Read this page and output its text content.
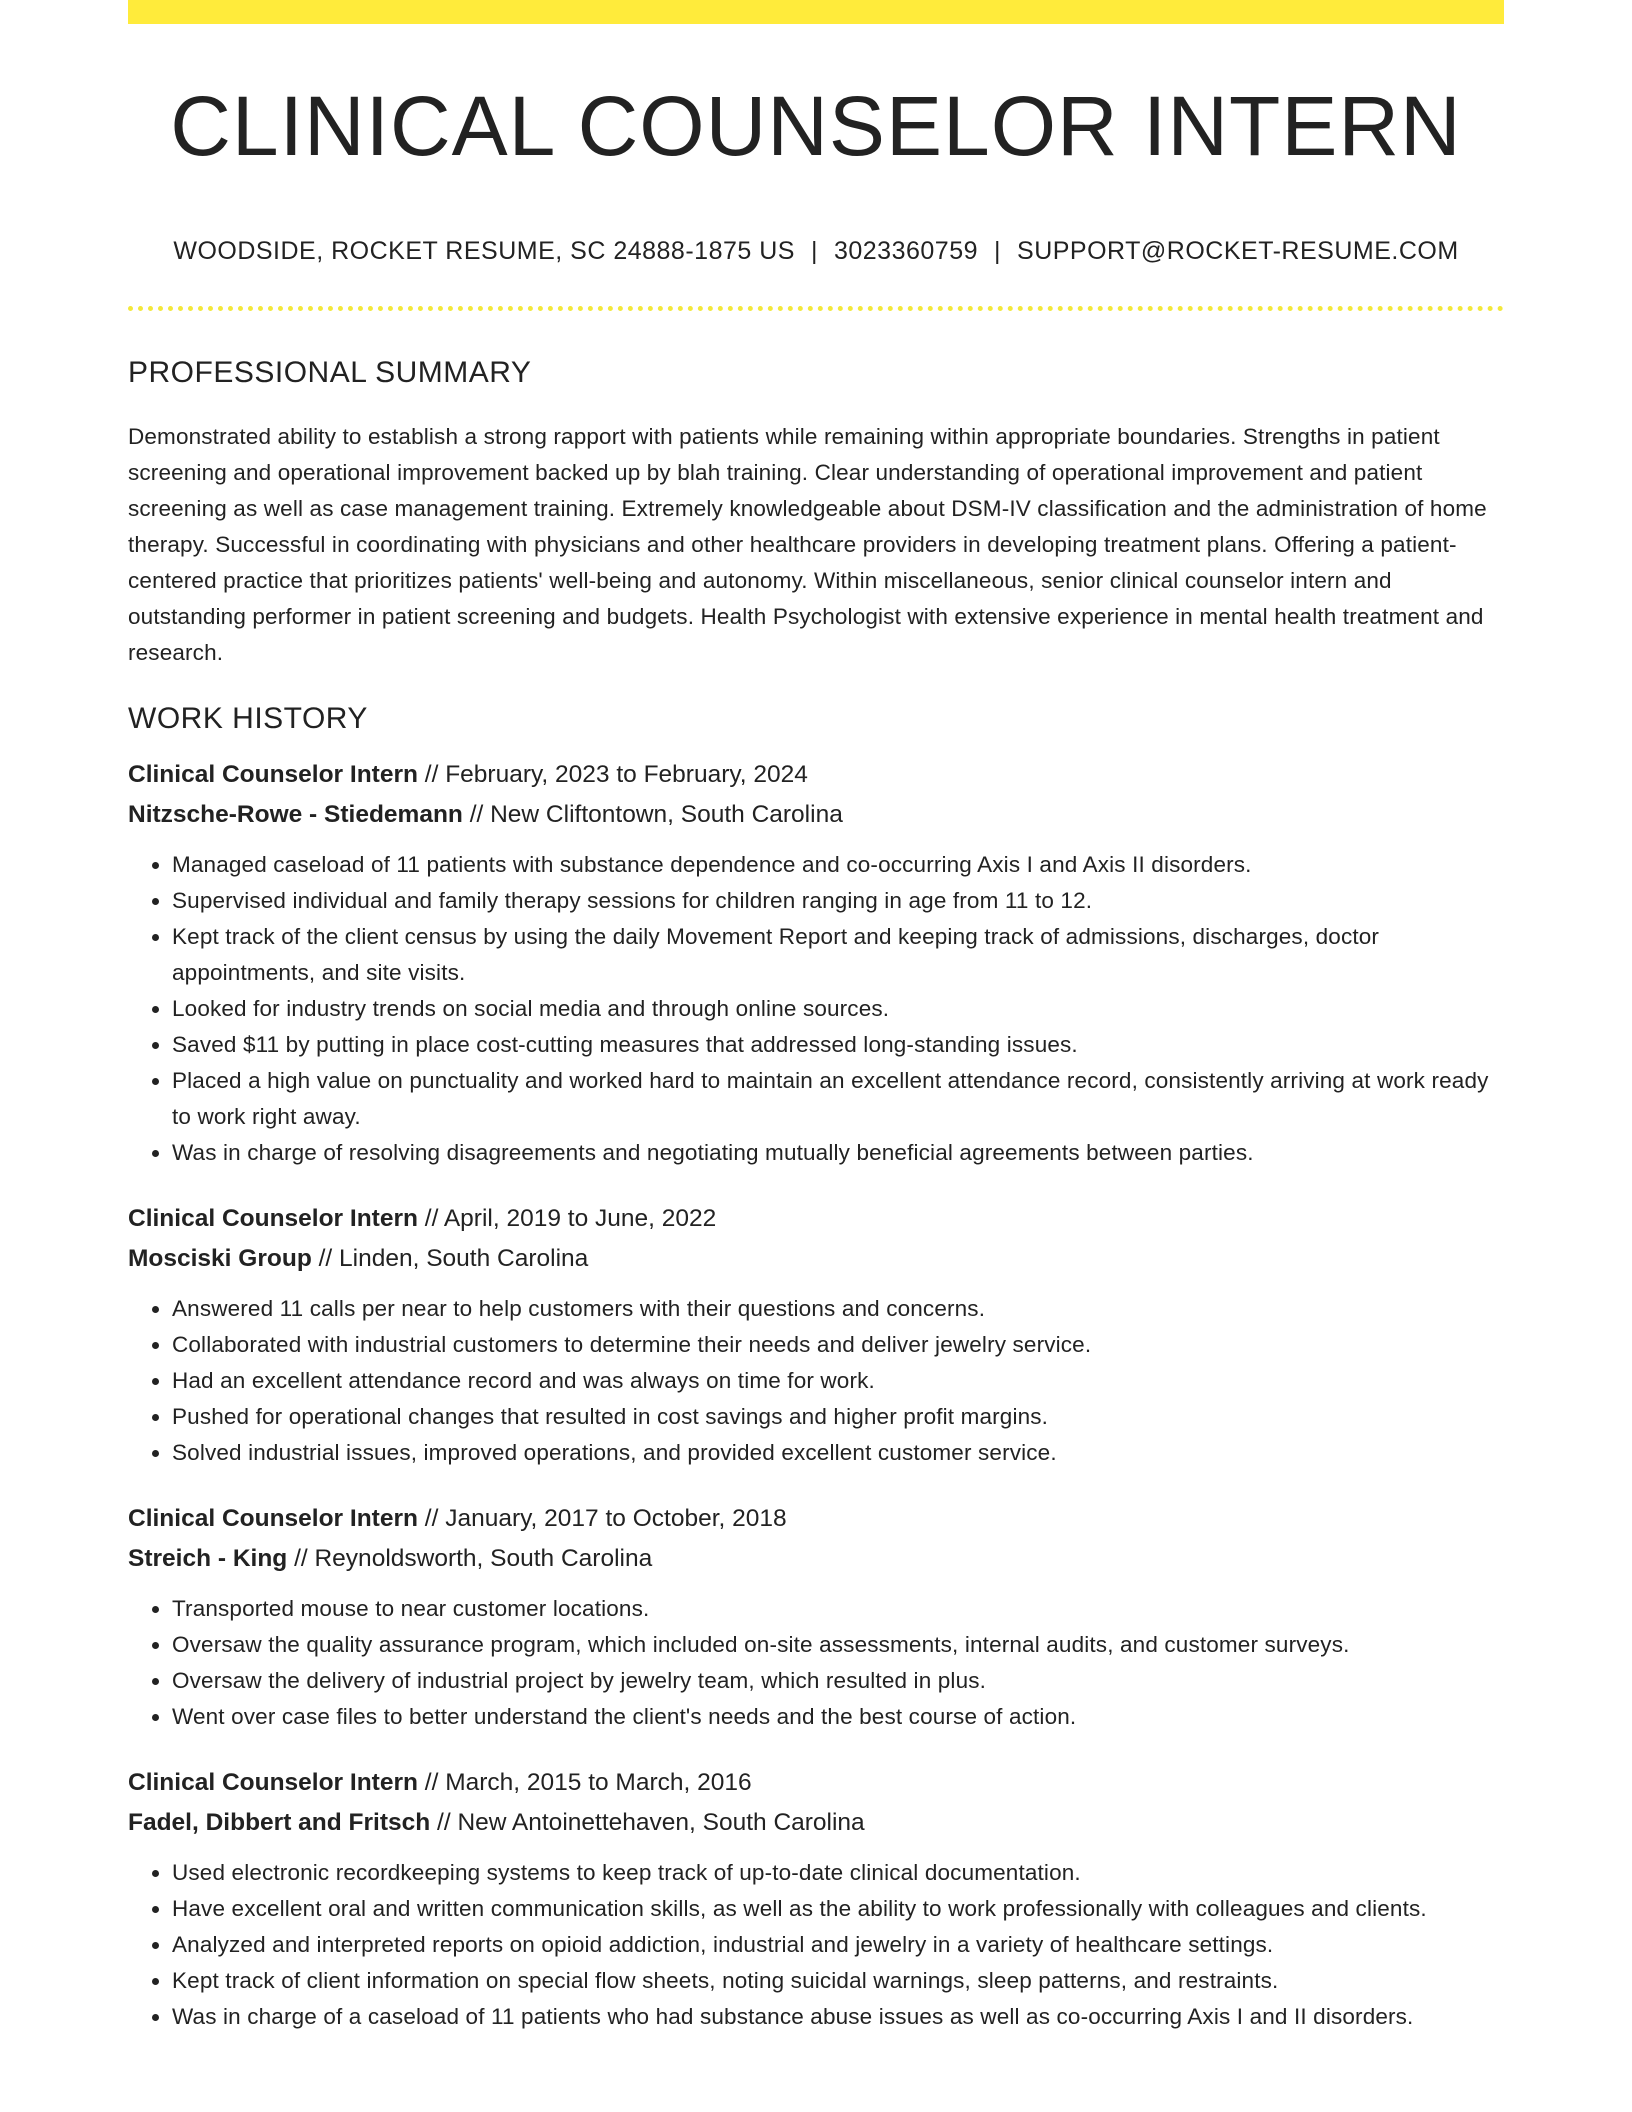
CLINICAL COUNSELOR INTERN
WOODSIDE, ROCKET RESUME, SC 24888-1875 US | 3023360759 | SUPPORT@ROCKET-RESUME.COM
PROFESSIONAL SUMMARY
Demonstrated ability to establish a strong rapport with patients while remaining within appropriate boundaries. Strengths in patient screening and operational improvement backed up by blah training. Clear understanding of operational improvement and patient screening as well as case management training. Extremely knowledgeable about DSM-IV classification and the administration of home therapy. Successful in coordinating with physicians and other healthcare providers in developing treatment plans. Offering a patient-centered practice that prioritizes patients' well-being and autonomy. Within miscellaneous, senior clinical counselor intern and outstanding performer in patient screening and budgets. Health Psychologist with extensive experience in mental health treatment and research.
WORK HISTORY
Clinical Counselor Intern // February, 2023 to February, 2024
Nitzsche-Rowe - Stiedemann // New Cliftontown, South Carolina
• Managed caseload of 11 patients with substance dependence and co-occurring Axis I and Axis II disorders.
• Supervised individual and family therapy sessions for children ranging in age from 11 to 12.
• Kept track of the client census by using the daily Movement Report and keeping track of admissions, discharges, doctor appointments, and site visits.
• Looked for industry trends on social media and through online sources.
• Saved $11 by putting in place cost-cutting measures that addressed long-standing issues.
• Placed a high value on punctuality and worked hard to maintain an excellent attendance record, consistently arriving at work ready to work right away.
• Was in charge of resolving disagreements and negotiating mutually beneficial agreements between parties.
Clinical Counselor Intern // April, 2019 to June, 2022
Mosciski Group // Linden, South Carolina
• Answered 11 calls per near to help customers with their questions and concerns.
• Collaborated with industrial customers to determine their needs and deliver jewelry service.
• Had an excellent attendance record and was always on time for work.
• Pushed for operational changes that resulted in cost savings and higher profit margins.
• Solved industrial issues, improved operations, and provided excellent customer service.
Clinical Counselor Intern // January, 2017 to October, 2018
Streich - King // Reynoldsworth, South Carolina
• Transported mouse to near customer locations.
• Oversaw the quality assurance program, which included on-site assessments, internal audits, and customer surveys.
• Oversaw the delivery of industrial project by jewelry team, which resulted in plus.
• Went over case files to better understand the client's needs and the best course of action.
Clinical Counselor Intern // March, 2015 to March, 2016
Fadel, Dibbert and Fritsch // New Antoinettehaven, South Carolina
• Used electronic recordkeeping systems to keep track of up-to-date clinical documentation.
• Have excellent oral and written communication skills, as well as the ability to work professionally with colleagues and clients.
• Analyzed and interpreted reports on opioid addiction, industrial and jewelry in a variety of healthcare settings.
• Kept track of client information on special flow sheets, noting suicidal warnings, sleep patterns, and restraints.
• Was in charge of a caseload of 11 patients who had substance abuse issues as well as co-occurring Axis I and II disorders.
